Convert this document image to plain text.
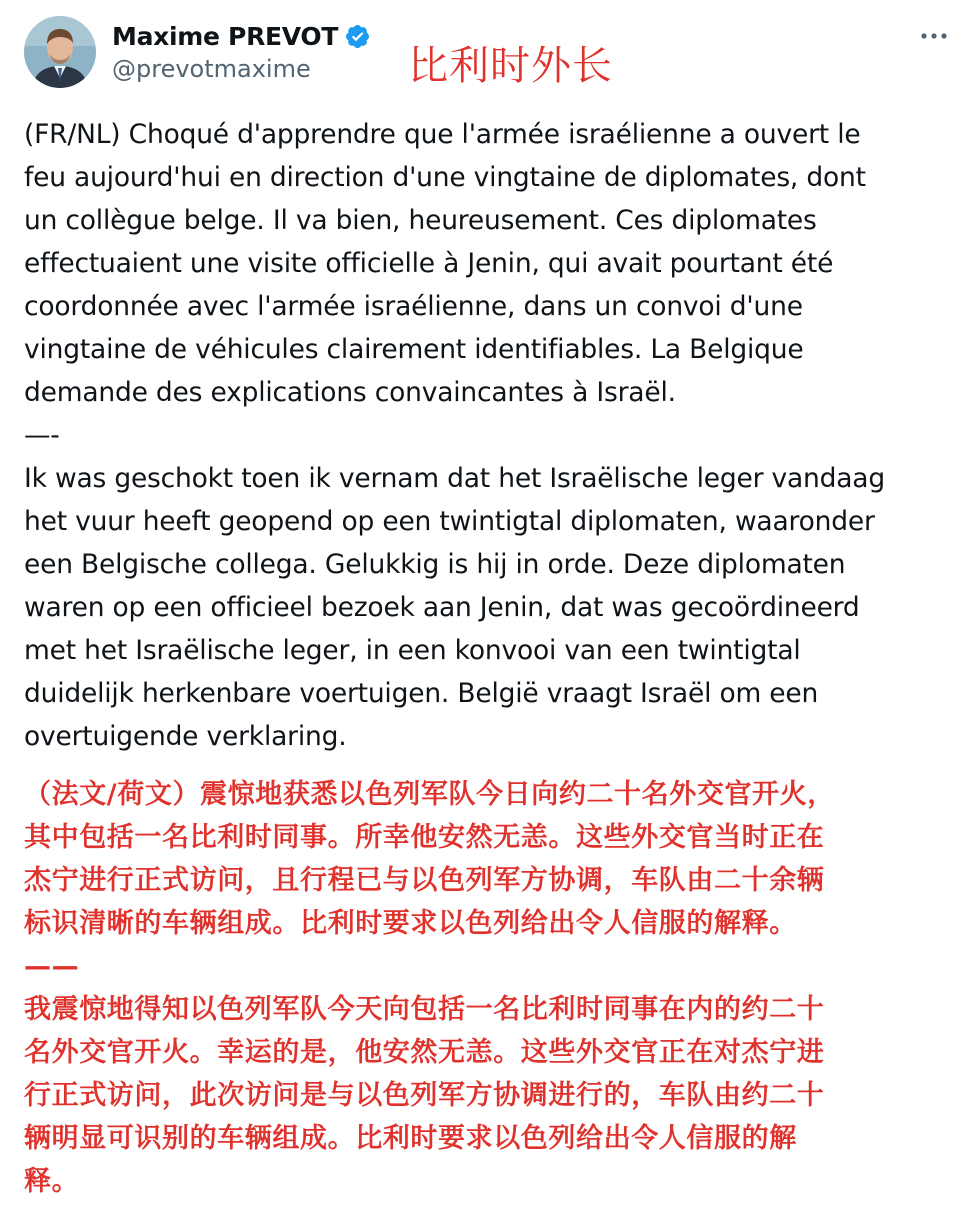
Maxime PREVOT
@prevotmaxime 比利时外长
(FR/NL) Choqué d'apprendre que l'armée israélienne a ouvert le
feu aujourd'hui en direction d'une vingtaine de diplomates, dont
un collègue belge. Il va bien, heureusement. Ces diplomates
effectuaient une visite officielle à Jenin, qui avait pourtant été
coordonnée avec l'armée israélienne, dans un convoi d'une
vingtaine de véhicules clairement identifiables. La Belgique
demande des explications convaincantes à Israël.
—-
Ik was geschokt toen ik vernam dat het Israëlische leger vandaag
het vuur heeft geopend op een twintigtal diplomaten, waaronder
een Belgische collega. Gelukkig is hij in orde. Deze diplomaten
waren op een officieel bezoek aan Jenin, dat was gecoördineerd
met het Israëlische leger, in een konvooi van een twintigtal
duidelijk herkenbare voertuigen. België vraagt Israël om een
overtuigende verklaring.
（法文/荷文）震惊地获悉以色列军队今日向约二十名外交官开火，
其中包括一名比利时同事。所幸他安然无恙。这些外交官当时正在
杰宁进行正式访问，且行程已与以色列军方协调，车队由二十余辆
标识清晰的车辆组成。比利时要求以色列给出令人信服的解释。
——
我震惊地得知以色列军队今天向包括一名比利时同事在内的约二十
名外交官开火。幸运的是，他安然无恙。这些外交官正在对杰宁进
行正式访问，此次访问是与以色列军方协调进行的，车队由约二十
辆明显可识别的车辆组成。比利时要求以色列给出令人信服的解
释。
